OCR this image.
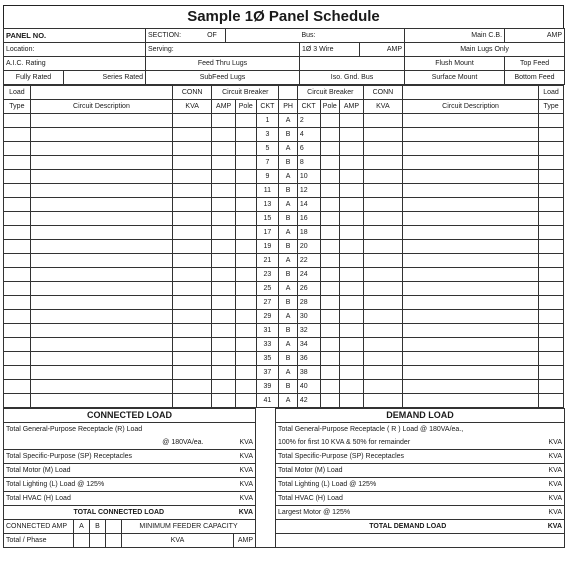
Sample 1Ø Panel Schedule
PANEL NO.		SECTION: OF		Bus:		Main C.B.	AMP
Location:		Serving:		1Ø 3 Wire	AMP	Main Lugs Only	
A.I.C. Rating		Feed Thru Lugs				Flush Mount	Top Feed
Fully Rated	Series Rated	SubFeed Lugs		Iso. Gnd. Bus		Surface Mount	Bottom Feed
Load		CONN	Circuit Breaker				Circuit Breaker			CONN		Load
Type	Circuit Description	KVA	AMP	Pole	CKT	PH	CKT	Pole	AMP	KVA	Circuit Description	Type
					1	A	2					
					3	B	4					
					5	A	6					
					7	B	8					
					9	A	10					
					11	B	12					
					13	A	14					
					15	B	16					
					17	A	18					
					19	B	20					
					21	A	22					
					23	B	24					
					25	A	26					
					27	B	28					
					29	A	30					
					31	B	32					
					33	A	34					
					35	B	36					
					37	A	38					
					39	B	40					
					41	A	42					
CONNECTED LOAD							DEMAND LOAD	
Total General-Purpose Receptacle (R) Load							Total General-Purpose Receptacle ( R ) Load @ 180VA/ea.,	
@ 180VA/ea.					KVA		100% for first 10 KVA & 50% for remainder	KVA
Total Specific-Purpose (SP) Receptacles					KVA		Total Specific-Purpose (SP) Receptacles	KVA
Total Motor (M) Load					KVA		Total Motor (M) Load	KVA
Total Lighting (L) Load @ 125%					KVA		Total Lighting (L) Load @ 125%	KVA
Total HVAC (H) Load					KVA		Total HVAC (H) Load	KVA
TOTAL CONNECTED LOAD					KVA		Largest Motor @ 125%	KVA
CONNECTED AMP	A	B		MINIMUM FEEDER CAPACITY			TOTAL DEMAND LOAD	KVA
Total / Phase				KVA	AMP			
